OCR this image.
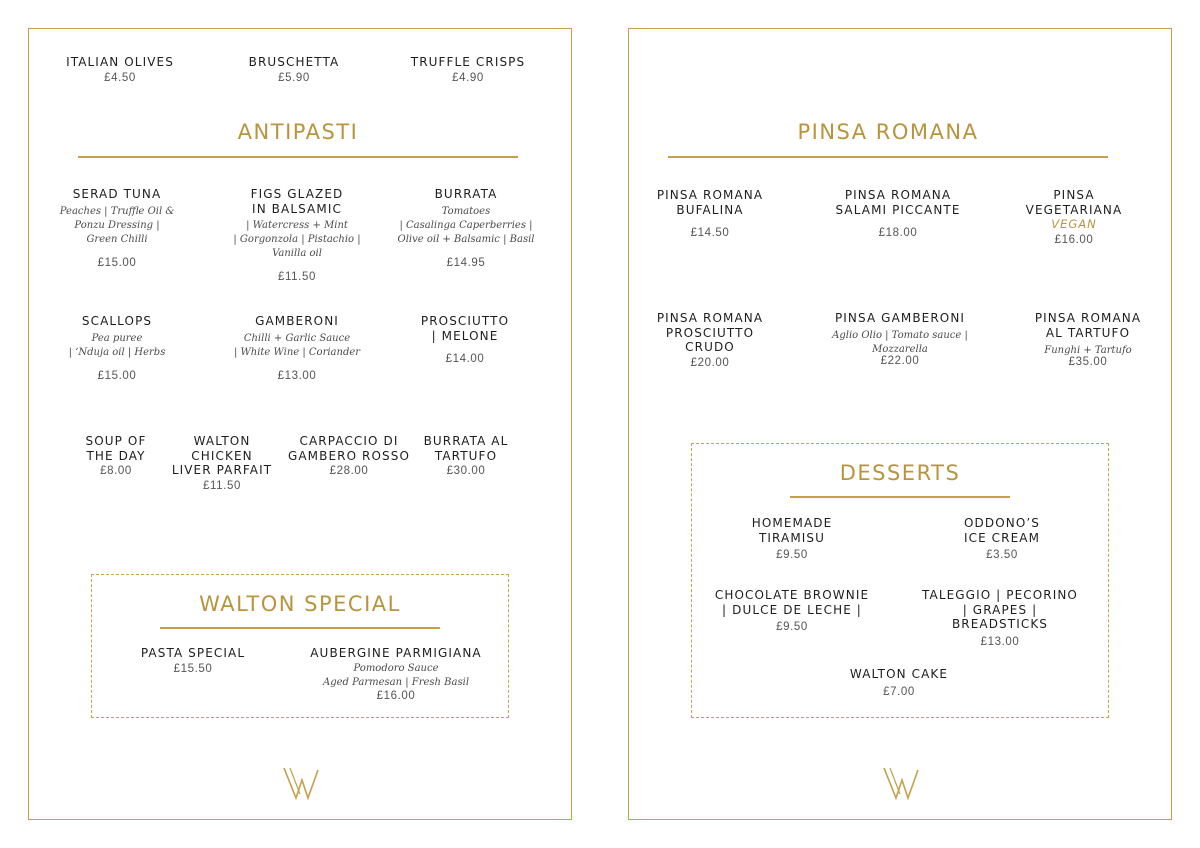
ITALIAN OLIVES
£4.50
BRUSCHETTA
£5.90
TRUFFLE CRISPS
£4.90
ANTIPASTI
SERAD TUNA
Peaches | Truffle Oil &
Ponzu Dressing |
Green Chilli
£15.00
FIGS GLAZED
IN BALSAMIC
| Watercress + Mint
| Gorgonzola | Pistachio |
Vanilla oil
£11.50
BURRATA
Tomatoes
| Casalinga Caperberries |
Olive oil + Balsamic | Basil
£14.95
SCALLOPS
Pea puree
| ‘Nduja oil | Herbs
£15.00
GAMBERONI
Chilli + Garlic Sauce
| White Wine | Coriander
£13.00
PROSCIUTTO
| MELONE
£14.00
SOUP OF
THE DAY
£8.00
WALTON
CHICKEN
LIVER PARFAIT
£11.50
CARPACCIO DI
GAMBERO ROSSO
£28.00
BURRATA AL
TARTUFO
£30.00
WALTON SPECIAL
PASTA SPECIAL
£15.50
AUBERGINE PARMIGIANA
Pomodoro Sauce
Aged Parmesan | Fresh Basil
£16.00
PINSA ROMANA
PINSA ROMANA
BUFALINA
£14.50
PINSA ROMANA
SALAMI PICCANTE
£18.00
PINSA
VEGETARIANA
VEGAN
£16.00
PINSA ROMANA
PROSCIUTTO
CRUDO
£20.00
PINSA GAMBERONI
Aglio Olio | Tomato sauce |
Mozzarella
£22.00
PINSA ROMANA
AL TARTUFO
Funghi + Tartufo
£35.00
DESSERTS
HOMEMADE
TIRAMISU
£9.50
ODDONO’S
ICE CREAM
£3.50
CHOCOLATE BROWNIE
| DULCE DE LECHE |
£9.50
TALEGGIO | PECORINO
| GRAPES |
BREADSTICKS
£13.00
WALTON CAKE
£7.00
